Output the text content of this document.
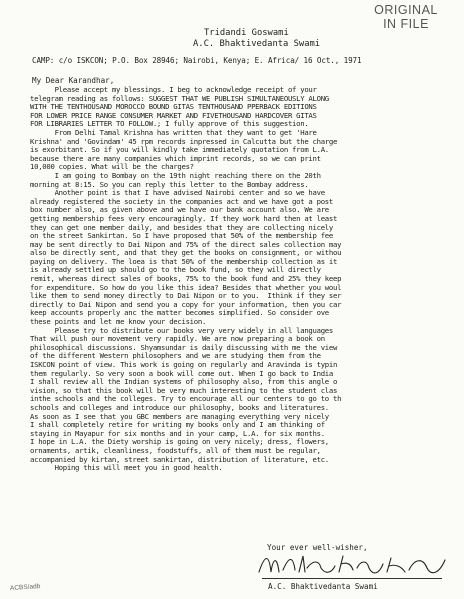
ORIGINAL
IN FILE
Tridandi Goswami
A.C. Bhaktivedanta Swami
CAMP: c/o ISKCON; P.O. Box 28946; Nairobi, Kenya; E. Africa/ 16 Oct., 1971
My Dear Karandhar,
Please accept my blessings. I beg to acknowledge receipt of your
telegram reading as follows: SUGGEST THAT WE PUBLISH SIMULTANEOUSLY ALONG
WITH THE TENTHOUSAND MOROCCO BOUND GITAS TENTHOUSAND PPERBACK EDITIONS
FOR LOWER PRICE RANGE CONSUMER MARKET AND FIVETHOUSAND HARDCOVER GITAS
FOR LIBRARIES LETTER TO FOLLOW.; I fully approve of this suggestion.
From Delhi Tamal Krishna has written that they want to get 'Hare
Krishna' and 'Govindam' 45 rpm records inpressed in Calcutta but the charge
is exorbitant. So if you will kindly take immediately quotation from L.A.
because there are many companies which imprint records, so we can print
10,000 copies. What will be the charges?
I am going to Bombay on the 19th night reaching there on the 20th
morning at 8:15. So you can reply this letter to the Bombay address.
Another point is that I have advised Nairobi center and so we have
already registered the society in the companies act and we have got a post
box number also, as given above and we have our bank account also. We are
getting membership fees very encouragingly. If they work hard then at least
they can get one member daily, and besides that they are collecting nicely
on the street Sankirtan. So I have proposed that 50% of the membership fee
may be sent directly to Dai Nipon and 75% of the direct sales collection may
also be directly sent, and that they get the books on consignment, or withou
paying on delivery. The loea is that 50% of the membership collection as it
is already settled up should go to the book fund, so they will directly
remit, whereas direct sales of books, 75% to the book fund and 25% they keep
for expenditure. So how do you like this idea? Besides that whether you woul
like them to send money directly to Dai Nipon or to you.  Ithink if they ser
directly to Dai Nipon and send you a copy for your information, then you car
keep accounts properly anc the matter becomes simplified. So consider ove
these points and let me know your decision.
Please try to distribute our books very very widely in all languages
That will push our movement very rapidly. We are now preparing a book on
philosophical discussions. Shyamsundar is daily discussing with me the view
of the different Western philosophers and we are studying them from the
ISKCON point of view. This work is going on regularly and Aravinda is typin
them regularly. So very soon a book will come out. When I go back to India
I shall review all the Indian systems of philosophy also, from this angle o
vision, so that this book will be very much interesting to the student clas
inthe schools and the colleges. Try to encourage all our centers to go to th
schools and colleges and introduce our philosophy, books and literatures.
As soon as I see that you GBC members are managing everything very nicely
I shall completely retire for writing my books only and I am thinking of
staying in Mayapur for six months and in your camp, L.A. for six months.
I hope in L.A. the Diety worship is going on very nicely; dress, flowers,
ornaments, artik, cleanliness, foodstuffs, all of them must be regular,
accompanied by kirtan, street sankirtan, distribution of literature, etc.
Hoping this will meet you in good health.
Your ever well-wisher,
A.C. Bhaktivedanta Swami
ACBS/adb
